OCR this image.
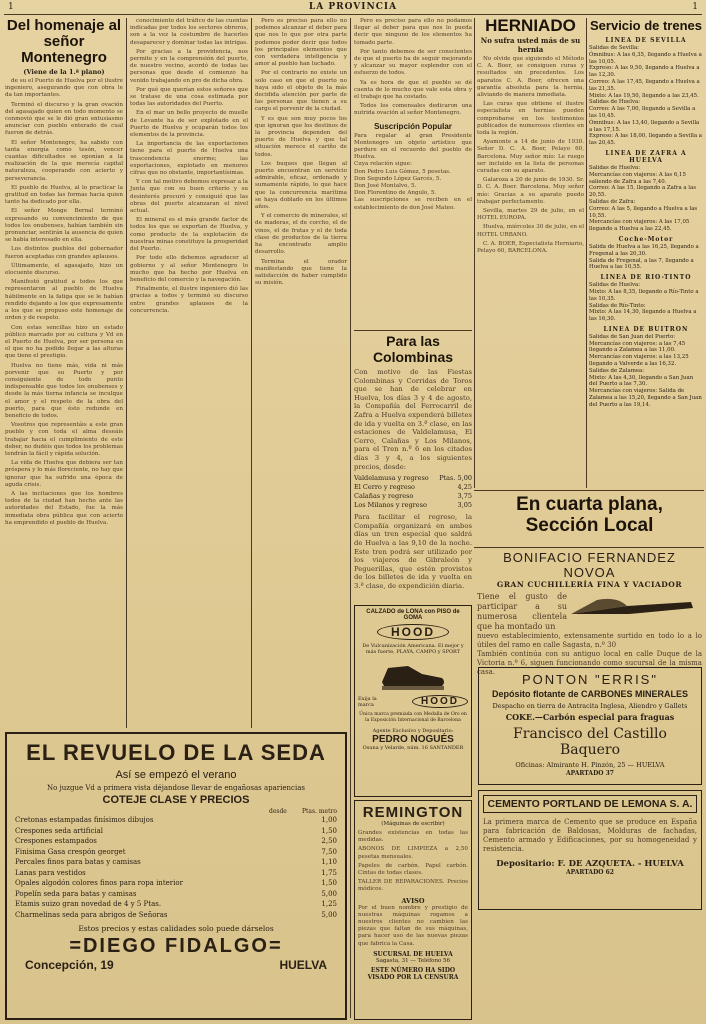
1	LA PROVINCIA	1
Del homenaje al señor Montenegro
(Viene de la 1.ª plano)

de su el Puerto de Huelva por el ilustre ingeniero, asegurando que con obra le da tan importantes.

Terminó el discurso y la gran ovación del agasajado quien en todo momento se conmovió que se le dió gran entusiasmo anunciar con pueblo enterado de cual fueron de detrás.

El señor Montenegro, ha sabido con tanta energía como tesón, vencer cuantas dificultades se oponían a la realización de la que merecía capital naturaleza, cooperando con acierto y perseverancia.

El pueblo de Huelva, al lo practicar la gratitud en todas las formas hacia quien tanto ha dedicado por ella.

El señor Monge Bernal terminó expresando su convencimiento de que todos los onubenses, habían también sin pronunciar, sentirán la ausencia de quien se había interesado en ella.

Los distintos pueblos del gobernador fueron aceptadas con grandes aplausos.

Últimamente, el agasajado, hizo un elocuente discurso.

Manifestó gratitud a todos los que representaron al pueblo de Huelva hábilmente en la fatiga que se le habían rendido dejando a los que expresamente a los que se propuso este homenaje de orden y de respeto.

Con estas sencillas hizo un estado público marcado por su cultura y Vd en el Puerto de Huelva, por ser persona en el que no ha podido llegar a las alturas que tiene el prestigio.

Huelva no tiene más, vida ni más porvenir que su Puerto y por consiguiente de todo punto indispensable que todos los onubenses y desde la más tierna infancia se inculque el amor y el respeto de la obra del puerto, para que ésto redunde en beneficio de todos.

Vosotros que representáis a este gran pueblo y con toda el alma deseáis trabajar hacia el cumplimiento de este deber, no dudéis que todos los problemas tendrán la fácil y rápida solución.

La vida de Huelva que debiera ser tan próspera y lo más floreciente, no hay que ignorar que ha sufrido una época de aguda crisis.

A las incitaciones que los hombres todos de la ciudad han hecho ante las autoridades del Estado, fue la más inmediata obra pública que con acierto ha emprendido el pueblo de Huelva.

conocimiento del tráfico de las cuentas indicadas por todos los sectores obreros, son a la vez la costumbre de hacerles desaparecer y dominar todas las intrigas.

Por gracias a la providencia, nos permite y en la comprensión del puerto, de nuestro vecino, acordó de todas las personas que desde el comienzo ha venido trabajando en pro de dicha obra.

Por qué que querían estos señores que se tratase de una cosa estimada por todas las autoridades del Puerto.

En el mar un bello proyecto de muelle de Levante ha de ser explotado en el Puerto de Huelva y ocuparán todos los elementos de la provincia.

La importancia de las exportaciones tiene para el puerto de Huelva una trascendencia enorme; las exportaciones, explotado en menores cifras que no obstante, importantísimas.

Y con tal motivo debemos expresar a la Junta que con su buen criterio y su desinterés procuró y consiguió que las obras del puerto alcanzaran el nivel actual.

El mineral es el más grande factor de todos los que se exportan de Huelva, y como producto de la explotación de nuestras minas constituye la prosperidad del Puerto.

Por todo ello debemos agradecer al gobierno y al señor Montenegro lo mucho que ha hecho por Huelva en beneficio del comercio y la navegación.

Finalmente, el ilustre ingeniero dió las gracias a todos y terminó su discurso entre grandes aplausos de la concurrencia.

Pero es preciso para ello no podemos alcanzar el deber para que nos lo que por otra parte podemos poder decir que todos los principales elementos que con verdadera inteligencia y amor al pueblo han luchado.

Por el contrario no existe un solo caso en que el puerto no haya sido el objeto de la más decidida atención por parte de las personas que tienen a su cargo el porvenir de la ciudad.

Y es que son muy pocos los que ignoran que los destinos de la provincia dependen del puerto de Huelva y que tal situación merece el cariño de todos.

Los buques que llegan al puerto encuentran un servicio admirable, eficaz, ordenado y sumamente rápido, lo que hace que la concurrencia marítima se haya doblado en los últimos años.

Y el comercio de minerales, el de maderas, el de corcho, el de vinos, el de frutas y el de toda clase de productos de la tierra ha encontrado amplio desarrollo.

Termina el orador manifestando que tiene la satisfacción de haber cumplido su misión.

Pero es preciso para ello no podamos llegar al deber para que nos lo pueda decir que ninguno de los elementos ha tomado parte.

Por tanto debemos de ser conscientes de que el puerto ha de seguir mejorando y alcanzar su mayor esplendor con el esfuerzo de todos.

Ya es hora de que el pueblo se dé cuenta de lo mucho que vale esta obra y el trabajo que ha costado.

Todos los comensales dedicaron una nutrida ovación al señor Montenegro.

Suscripción Popular
Para regalar al gran Presidente Montenegro un objeto artístico que perdure en el recuerdo del pueblo de Huelva.
Cuya relación sigue:
Don Pedro Luis Gómez, 5 pesetas.
Don Segundo López Garcés, 5.
Don José Montalvo, 5.
Don Florentino de Angulo, 5.
Las suscripciones se reciben en el establecimiento de don José Mateo.
Para las Colombinas
Con motivo de las Fiestas Colombinas y Corridas de Toros que se han de celebrar en Huelva, los días 3 y 4 de agosto, la Compañía del Ferrocarril de Zafra a Huelva expenderá billetes de ida y vuelta en 3.ª clase, en las estaciones de Valdelamusa, El Cerro, Calañas y Los Milanos, para el Tren n.º 6 en los citados días 3 y 4, a los siguientes precios, desde:
Valdelamusa y regreso	Ptas. 5,00
El Cerro y regreso	4,25
Calañas y regreso	3,75
Los Milanos y regreso	3,05
Para facilitar el regreso, la Compañía organizará en ambos días un tren especial que saldrá de Huelva a las 9,10 de la noche. Este tren podrá ser utilizado por los viajeros de Gibraleón y Peguerillas, que estén provistos de los billetes de ida y vuelta en 3.ª clase, de expendición diaria.
CALZADO de LONA con PISO de GOMA
HOOD
De Vulcanización Americana. El mejor y más fuerte, PLAYA, CAMPO y SPORT
Exija la marca	HOOD
Única marca premiada con Medalla de Oro en la Exposición Internacional de Barcelona
Agente Exclusivo y Depositario:
PEDRO NOGUÉS
Osuna y Velarde, núm. 16 SANTANDER
REMINGTON
(Máquinas de escribir)
Grandes existencias en todas las medidas.
ABONOS DE LIMPIEZA a 2,50 pesetas mensuales.
Papeles de carbón. Papel carbón. Cintas de todas clases.
TALLER DE REPARACIONES. Precios módicos.
AVISO
Por el buen nombre y prestigio de nuestras máquinas rogamos a nuestros clientes no cambien las piezas que faltan de sus máquinas, para hacer uso de las nuevas piezas que fabrica la Casa.
SUCURSAL DE HUELVA
Sagasta, 31 — Teléfono 56
ESTE NÚMERO HA SIDO VISADO POR LA CENSURA
HERNIADO
No sufra usted más de su hernia

No olvide que siguiendo el Método C. A. Boer, se consiguen curas y resultados sin precedentes. Los aparatos C. A. Boer, ofrecen una garantía absoluta para la hernia, aliviando de manera inmediata.

Las curas que obtiene el ilustre especialista en hernias pueden comprobarse en los testimonios publicados de numerosos clientes en toda la región.

Ayamonte a 14 de junio de 1930. Señor D. C. A. Boer, Pelayo 60, Barcelona. Muy señor mío: Le ruego ser incluido en la lista de personas curadas con su aparato.

Galaroza a 20 de junio de 1930. Sr. D. C. A. Boer. Barcelona. Muy señor mío: Gracias a su aparato puedo trabajar perfectamente.

Sevilla, martes 29 de julio, en el HOTEL EUROPA.

Huelva, miércoles 30 de julio, en el HOTEL URBANO.

C. A. BOER, Especialista Herniario, Pelayo 60, BARCELONA.

Servicio de trenes
LINEA DE SEVILLA
Salidas de Sevilla:
Ómnibus: A las 6,35, llegando a Huelva a las 10,05.
Expreso: A las 9,50, llegando a Huelva a las 12,30.
Correo: A las 17,45, llegando a Huelva a las 21,35.
Mixto: A las 19,50, llegando a las 23,45.
Salidas de Huelva:
Correo: A las 7,00, llegando a Sevilla a las 10,45.
Ómnibus: A las 13,40, llegando a Sevilla a las 17,15.
Expreso: A las 18,00, llegando a Sevilla a las 20,45.
LINEA DE ZAFRA A HUELVA
Salidas de Huelva:
Mercancías con viajeros: A las 6,15 saliendo de Zafra a las 7,40.
Correo: A las 15, llegando a Zafra a las 20,55.
Salidas de Zafra:
Correo: A las 5, llegando a Huelva a las 10,55.
Mercancías con viajeros: A las 17,05 llegando a Huelva a las 22,45.
Coche-Motor
Salida de Huelva a las 16,25, llegando a Fregenal a las 20,30.
Salida de Fregenal, a las 7, llegando a Huelva a las 10,55.
LINEA DE RIO-TINTO
Salidas de Huelva:
Mixto: A las 8,35, llegando a Río-Tinto a las 10,35.
Salidas de Río-Tinto:
Mixto: A las 14,30, llegando a Huelva a las 16,30.
LINEA DE BUITRON
Salidas de San Juan del Puerto:
Mercancías con viajeros: a las 7,45 llegando a Zalamea a las 11,00.
Mercancías con viajeros: a las 13,25 llegando a Valverde a las 16,32.
Salidas de Zalamea:
Mixto: A las 4,30, llegando a San Juan del Puerto a las 7,30.
Mercancías con viajeros: Salida de Zalamea a las 15,20, llegando a San Juan del Puerto a las 19,14.
En cuarta plana,
Sección Local
BONIFACIO FERNANDEZ NOVOA
GRAN CUCHILLERÍA FINA Y VACIADOR
Tiene el gusto de participar a su numerosa clientela que ha montado un
nuevo establecimiento, extensamente surtido en todo lo a lo útiles del ramo en calle Sagasta, n.º 30
También continúa con su antiguo local en calle Duque de la Victoria n.º 6, siguen funcionando como sucursal de la misma casa.	PONTON "ERRIS"
Depósito flotante de CARBONES MINERALES
Despacho en tierra de Antracita Inglesa, Aliendro y Gallets
COKE.—Carbón especial para fraguas
Francisco del Castillo Baquero
Oficinas: Almirante H. Pinzón, 25 — HUELVA
APARTADO 37
CEMENTO PORTLAND DE LEMONA S. A.
La primera marca de Cemento que se produce en España para fabricación de Baldosas, Molduras de fachadas, Cemento armado y Edificaciones, por su homogeneidad y resistencia.
Depositario: F. DE AZQUETA. - HUELVA
APARTADO 62
EL REVUELO DE LA SEDA
Así se empezó el verano
No juzgue Vd a primera vista déjandose llevar de engañosas apariencias
COTEJE CLASE Y PRECIOS
desde	Ptas. metro
Cretonas estampadas finísimos dibujos	1,00
Crespones seda artificial	1,50
Crespones estampados	2,50
Finisima Gasa crespón georget	7,50
Percales finos para batas y camisas	1,10
Lanas para vestidos	1,75
Opales algodón colores finos para ropa interior	1,50
Popelín seda para batas y camisas	5,00
Etamis suizo gran novedad de 4 y 5 Ptas.	1,25
Charmelinas seda para abrigos de Señoras	5,00
Estos precios y estas calidades solo puede dárselos
=DIEGO FIDALGO=
Concepción, 19	HUELVA
